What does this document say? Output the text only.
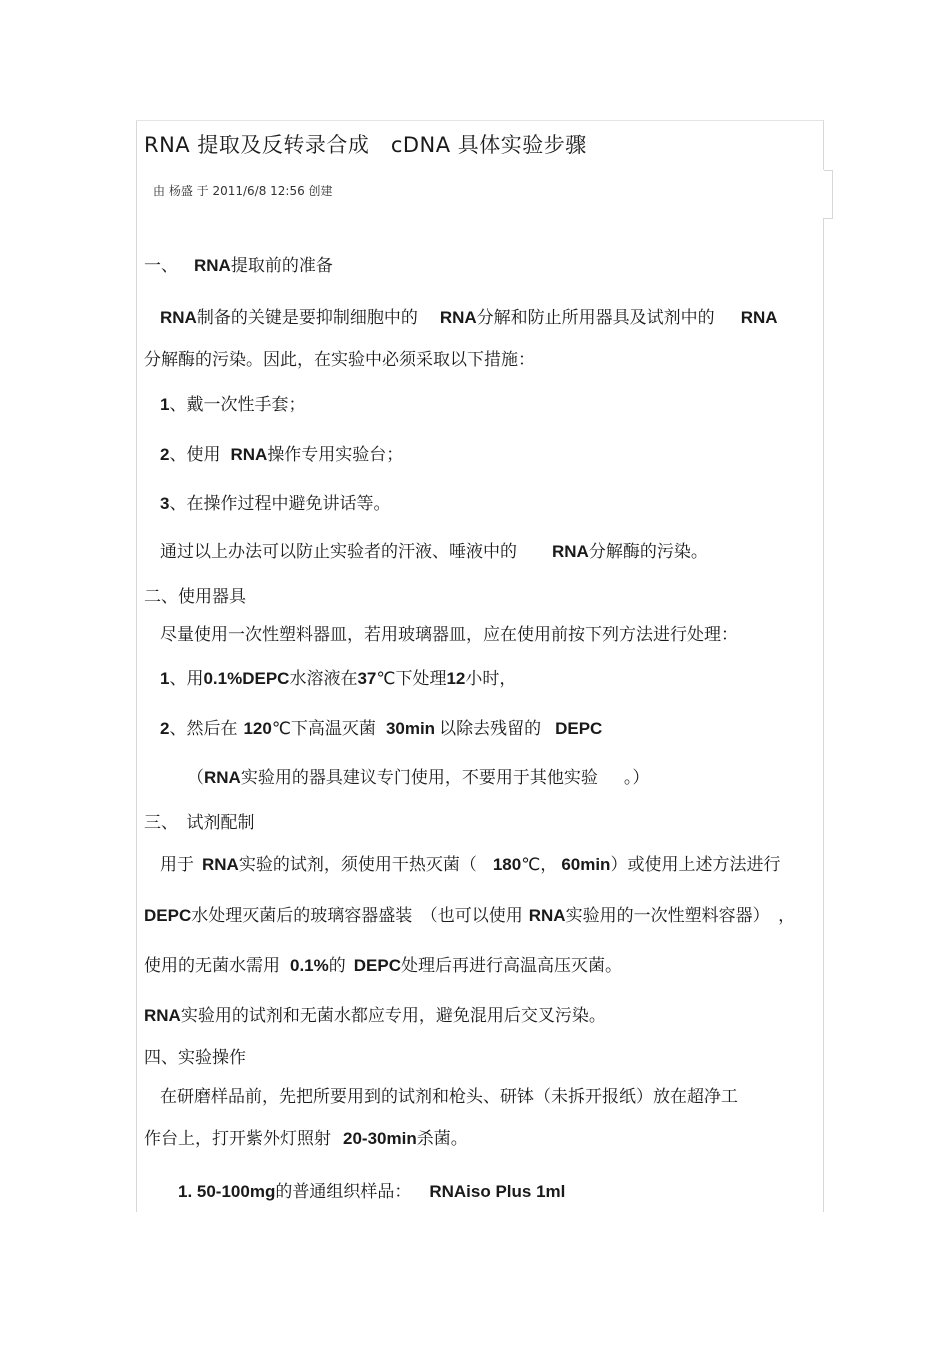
RNA 提取及反转录合成　cDNA 具体实验步骤
由 杨盛 于 2011/6/8 12:56 创建
一、 RNA提取前的准备
RNA制备的关键是要抑制细胞中的 RNA分解和防止所用器具及试剂中的 RNA
分解酶的污染。因此，在实验中必须采取以下措施：
1、戴一次性手套；
2、使用 RNA操作专用实验台；
3、在操作过程中避免讲话等。
通过以上办法可以防止实验者的汗液、唾液中的 RNA分解酶的污染。
二、使用器具
尽量使用一次性塑料器皿，若用玻璃器皿，应在使用前按下列方法进行处理：
1、用0.1%DEPC水溶液在37℃下处理12小时，
2、然后在 120℃下高温灭菌 30min 以除去残留的 DEPC
（RNA实验用的器具建议专门使用，不要用于其他实验 。）
三、　试剂配制
用于 RNA实验的试剂，须使用干热灭菌（ 180℃， 60min）或使用上述方法进行
DEPC水处理灭菌后的玻璃容器盛装　（也可以使用 RNA实验用的一次性塑料容器）　，
使用的无菌水需用 0.1%的 DEPC处理后再进行高温高压灭菌。
RNA实验用的试剂和无菌水都应专用，避免混用后交叉污染。
四、实验操作
在研磨样品前，先把所要用到的试剂和枪头、研钵（未拆开报纸）放在超净工
作台上，打开紫外灯照射 20-30min杀菌。
1. 50-100mg的普通组织样品： RNAiso Plus 1ml
